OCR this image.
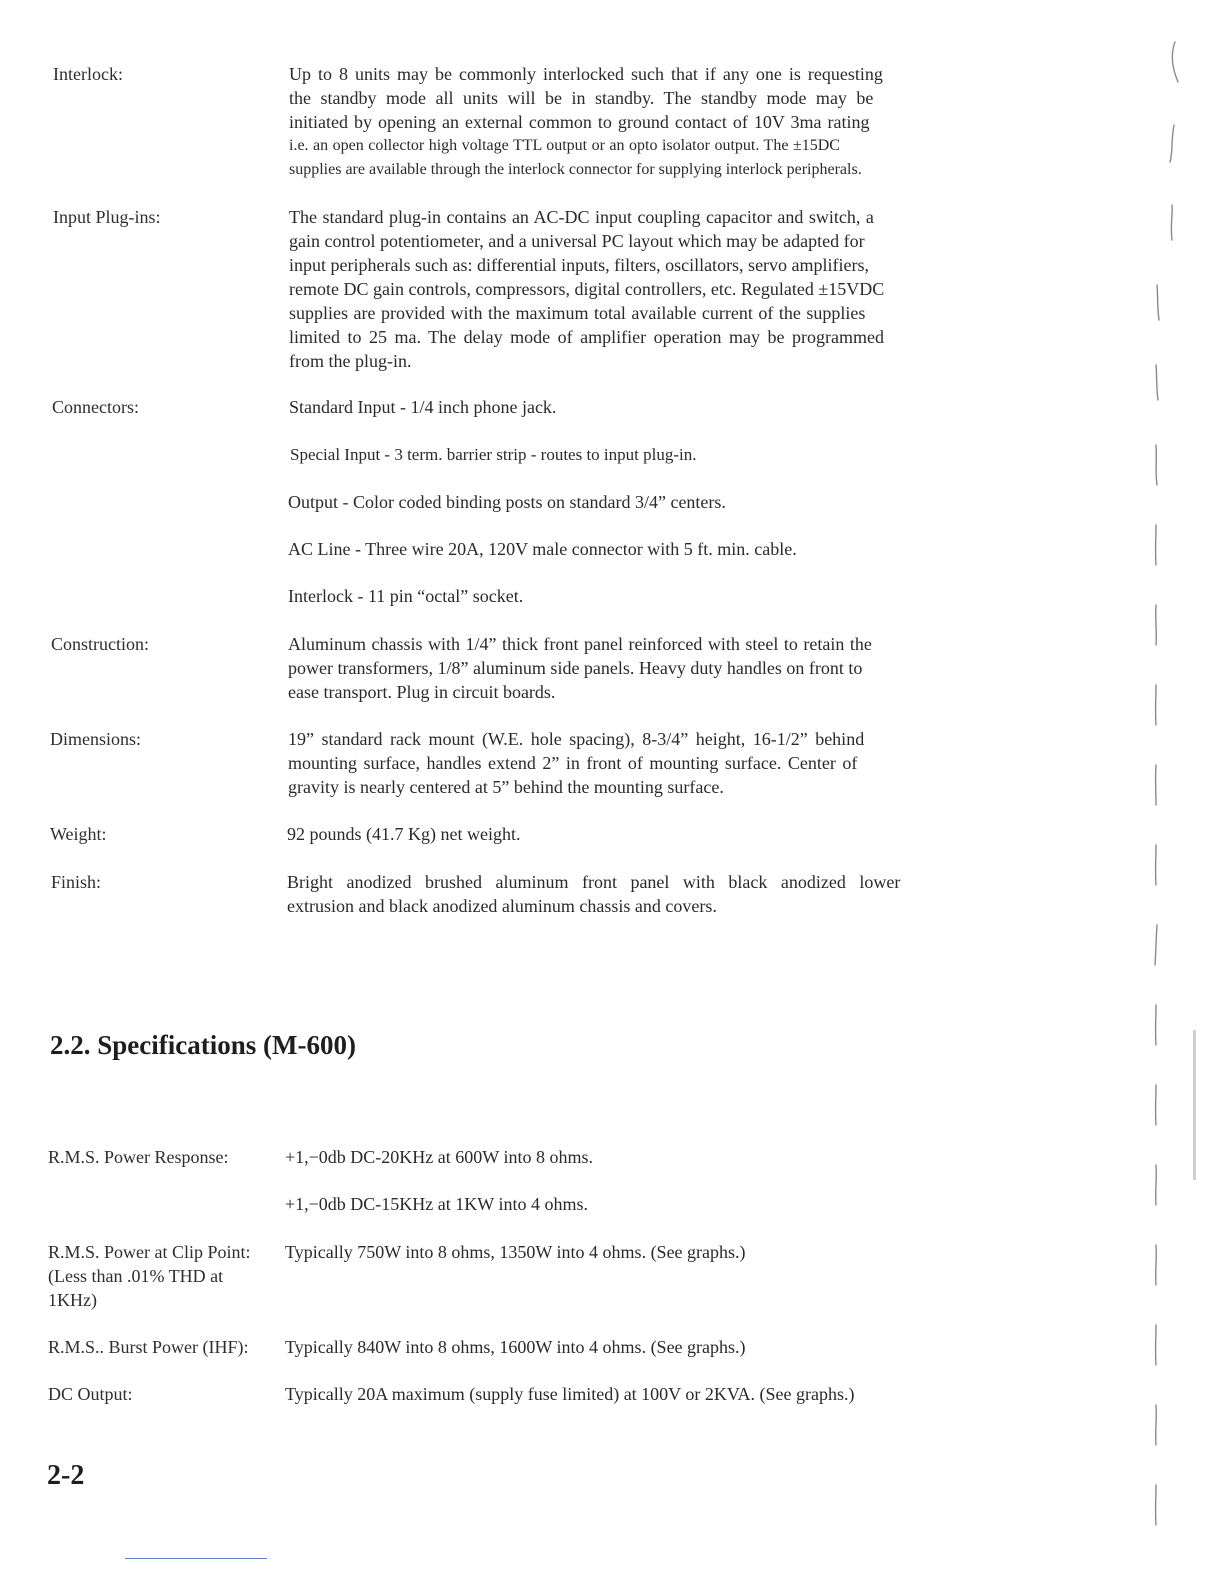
Interlock:	Up to 8 units may be commonly interlocked such that if any one is requesting

the standby mode all units will be in standby. The standby mode may be

initiated by opening an external common to ground contact of 10V 3ma rating

i.e. an open collector high voltage TTL output or an opto isolator output. The ±15DC

supplies are available through the interlock connector for supplying interlock peripherals.

Input Plug-ins:	The standard plug-in contains an AC-DC input coupling capacitor and switch, a

gain control potentiometer, and a universal PC layout which may be adapted for

input peripherals such as: differential inputs, filters, oscillators, servo amplifiers,

remote DC gain controls, compressors, digital controllers, etc. Regulated ±15VDC

supplies are provided with the maximum total available current of the supplies

limited to 25 ma. The delay mode of amplifier operation may be programmed

from the plug-in.

Connectors:	Standard Input - 1/4 inch phone jack.

Special Input - 3 term. barrier strip - routes to input plug-in.

Output - Color coded binding posts on standard 3/4” centers.

AC Line - Three wire 20A, 120V male connector with 5 ft. min. cable.

Interlock - 11 pin “octal” socket.

Construction:	Aluminum chassis with 1/4” thick front panel reinforced with steel to retain the

power transformers, 1/8” aluminum side panels. Heavy duty handles on front to

ease transport. Plug in circuit boards.

Dimensions:	19” standard rack mount (W.E. hole spacing), 8-3/4” height, 16-1/2” behind

mounting surface, handles extend 2” in front of mounting surface. Center of

gravity is nearly centered at 5” behind the mounting surface.

Weight:	92 pounds (41.7 Kg) net weight.

Finish:	Bright anodized brushed aluminum front panel with black anodized lower

extrusion and black anodized aluminum chassis and covers.

2.2. Specifications (M-600)
R.M.S. Power Response:	+1,−0db DC-20KHz at 600W into 8 ohms.

+1,−0db DC-15KHz at 1KW into 4 ohms.

R.M.S. Power at Clip Point:
(Less than .01% THD at
1KHz)

Typically 750W into 8 ohms, 1350W into 4 ohms. (See graphs.)

R.M.S.. Burst Power (IHF): Typically 840W into 8 ohms, 1600W into 4 ohms. (See graphs.)

DC Output:	Typically 20A maximum (supply fuse limited) at 100V or 2KVA. (See graphs.)

2-2
